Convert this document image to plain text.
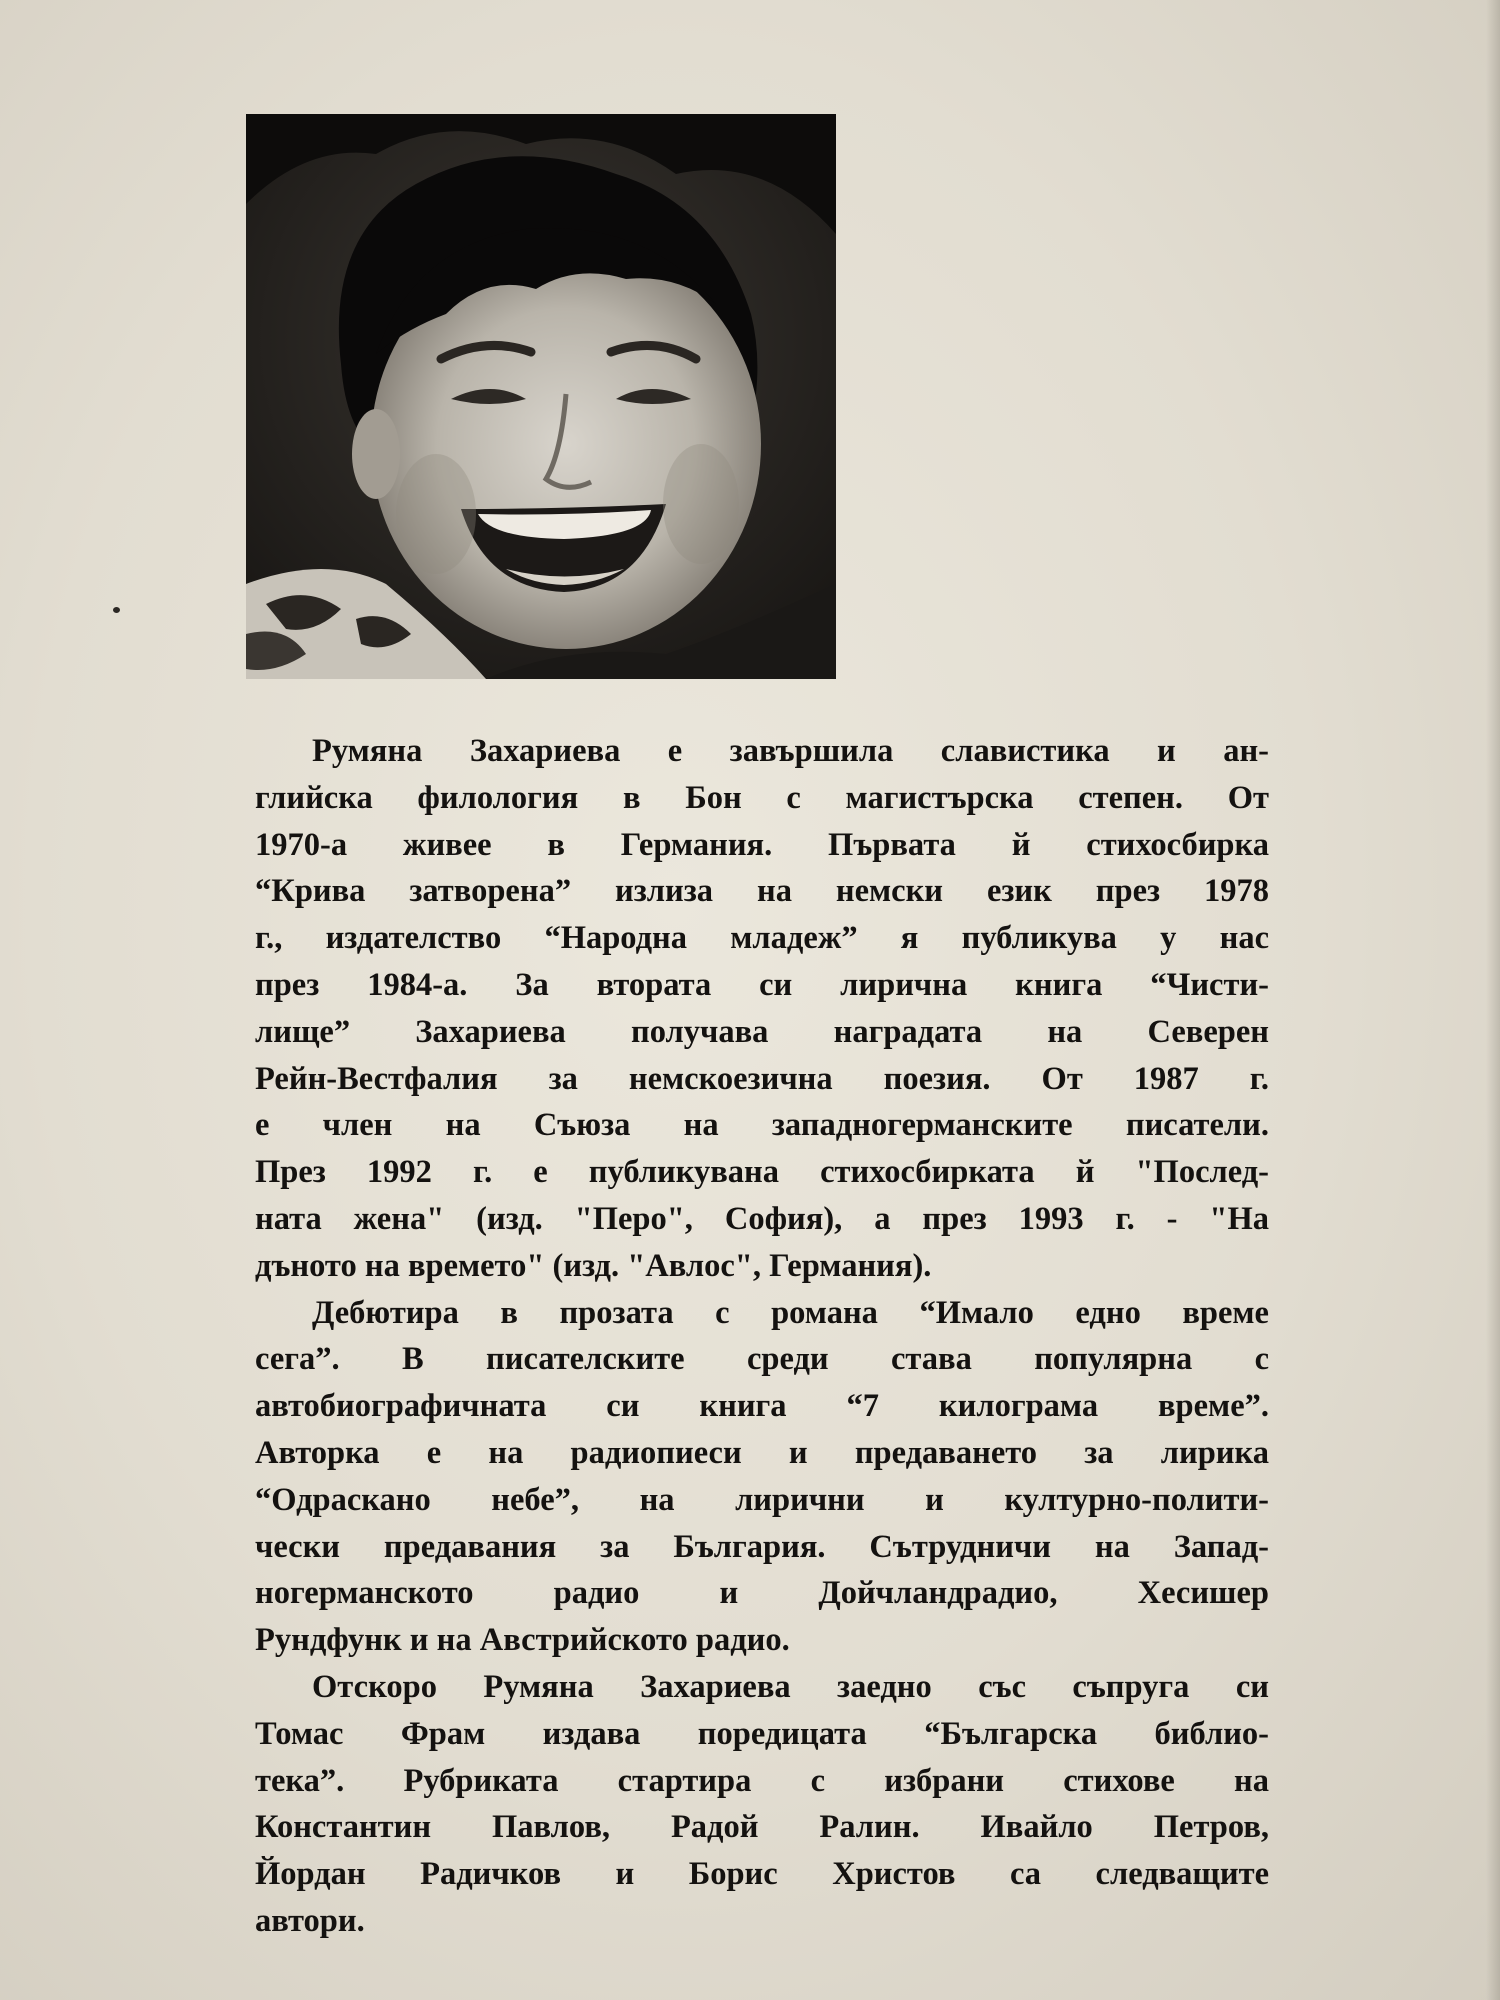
Румяна Захариева е завършила славистика и ан-
глийска филология в Бон с магистърска степен. От
1970-а живее в Германия. Първата й стихосбирка
“Крива затворена” излиза на немски език през 1978
г., издателство “Народна младеж” я публикува у нас
през 1984-а. За втората си лирична книга “Чисти-
лище” Захариева получава наградата на Северен
Рейн-Вестфалия за немскоезична поезия. От 1987 г.
е член на Съюза на западногерманските писатели.
През 1992 г. е публикувана стихосбирката й "Послед-
ната жена" (изд. "Перо", София), а през 1993 г. - "На
дъното на времето" (изд. "Авлос", Германия).
Дебютира в прозата с романа “Имало едно време
сега”. В писателските среди става популярна с
автобиографичната си книга “7 килограма време”.
Авторка е на радиопиеси и предаването за лирика
“Одраскано небе”, на лирични и културно-полити-
чески предавания за България. Сътрудничи на Запад-
ногерманското радио и Дойчландрадио, Хесишер
Рундфунк и на Австрийското радио.
Отскоро Румяна Захариева заедно със съпруга си
Томас Фрам издава поредицата “Българска библио-
тека”. Рубриката стартира с избрани стихове на
Константин Павлов, Радой Ралин. Ивайло Петров,
Йордан Радичков и Борис Христов са следващите
автори.
